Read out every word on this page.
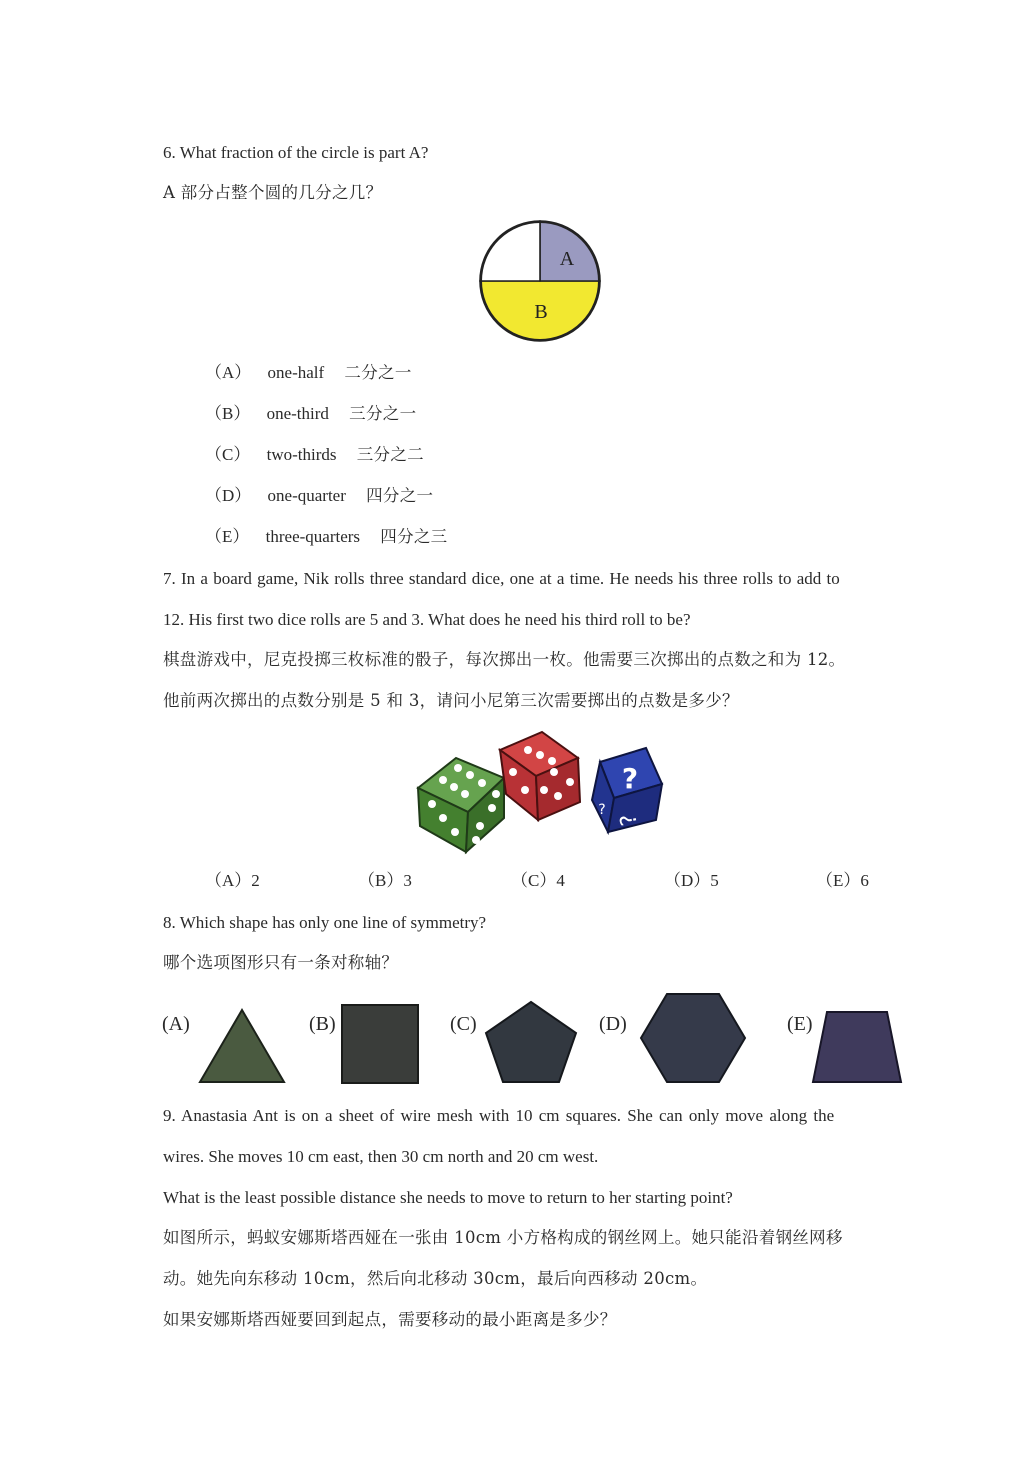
6. What fraction of the circle is part A?
A 部分占整个圆的几分之几？
A
B
（A） one-half 二分之一
（B） one-third 三分之一
（C） two-thirds 三分之二
（D） one-quarter 四分之一
（E） three-quarters 四分之三
7. In a board game, Nik rolls three standard dice, one at a time. He needs his three rolls to add to
12. His first two dice rolls are 5 and 3. What does he need his third roll to be?
棋盘游戏中，尼克投掷三枚标准的骰子，每次掷出一枚。他需要三次掷出的点数之和为 12。
他前两次掷出的点数分别是 5 和 3，请问小尼第三次需要掷出的点数是多少？
?
?
?
（A）2	（B）3	（C）4	（D）5	（E）6
8. Which shape has only one line of symmetry?
哪个选项图形只有一条对称轴？
(A)	(B)	(C)	(D)	(E)
9. Anastasia Ant is on a sheet of wire mesh with 10 cm squares. She can only move along the
wires. She moves 10 cm east, then 30 cm north and 20 cm west.
What is the least possible distance she needs to move to return to her starting point?
如图所示，蚂蚁安娜斯塔西娅在一张由 10cm 小方格构成的钢丝网上。她只能沿着钢丝网移
动。她先向东移动 10cm，然后向北移动 30cm，最后向西移动 20cm。
如果安娜斯塔西娅要回到起点，需要移动的最小距离是多少？
